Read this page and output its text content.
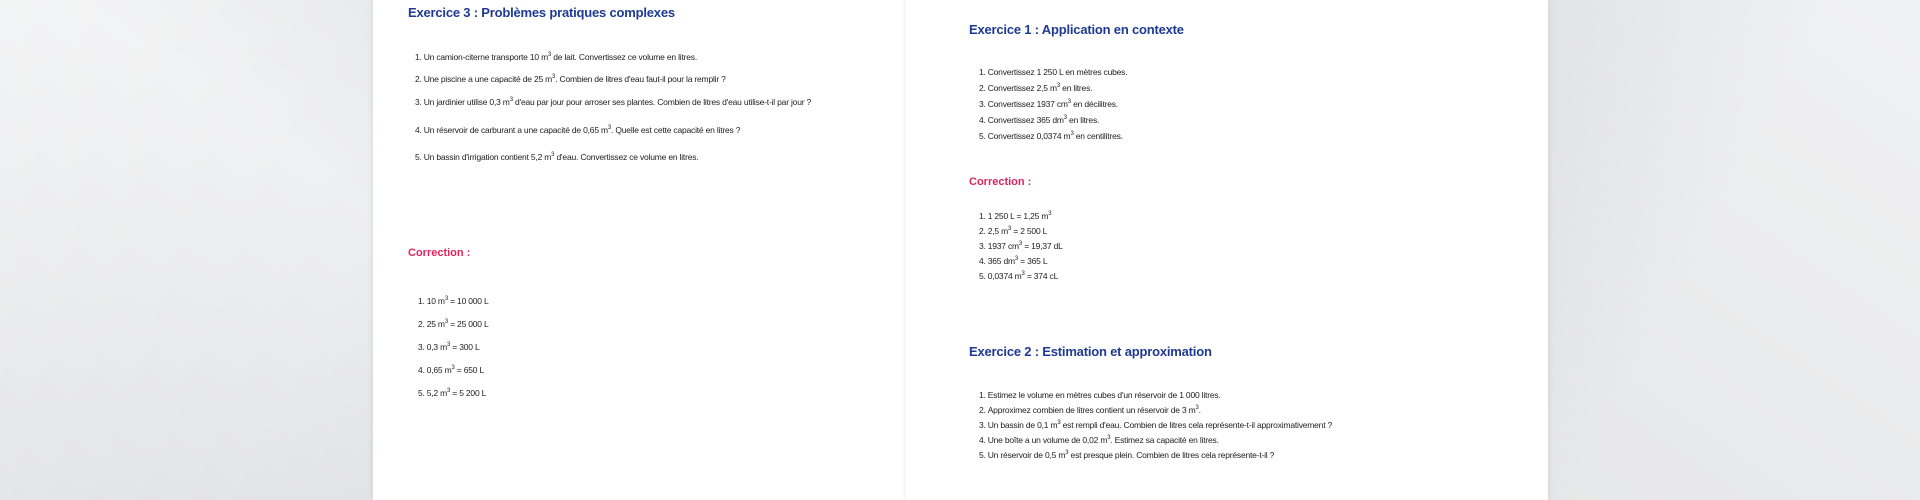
Exercice 3 : Problèmes pratiques complexes
1. Un camion-citerne transporte 10 $m^3$ de lait. Convertissez ce volume en litres.
2. Une piscine a une capacité de 25 $m^3$. Combien de litres d'eau faut-il pour la remplir ?
3. Un jardinier utilise 0,3 $m^3$ d'eau par jour pour arroser ses plantes. Combien de litres d'eau utilise-t-il par jour ?
4. Un réservoir de carburant a une capacité de 0,65 $m^3$. Quelle est cette capacité en litres ?
5. Un bassin d'irrigation contient 5,2 $m^3$ d'eau. Convertissez ce volume en litres.
Correction :
1. 10 $m^3 = 10$ 000 L
2. 25 $m^3 = 25$ 000 L
3. 0,3 $m^3 = 300$ L
4. 0,65 $m^3 = 650$ L
5. 5,2 $m^3 = 5$ 200 L
Exercice 1 : Application en contexte
1. Convertissez 1 250 L en mètres cubes.
2. Convertissez 2,5 $m^3$ en litres.
3. Convertissez 1937 $cm^3$ en décilitres.
4. Convertissez 365 $dm^3$ en litres.
5. Convertissez 0,0374 $m^3$ en centilitres.
Correction :
1. 1 250 L = 1,25 $m^3$
2. 2,5 $m^3 = 2$ 500 L
3. 1937 $cm^3 = 19,37$ dL
4. 365 $dm^3 = 365$ L
5. 0,0374 $m^3 = 374$ cL
Exercice 2 : Estimation et approximation
1. Estimez le volume en mètres cubes d'un réservoir de 1 000 litres.
2. Approximez combien de litres contient un réservoir de 3 $m^3$.
3. Un bassin de 0,1 $m^3$ est rempli d'eau. Combien de litres cela représente-t-il approximativement ?
4. Une boîte a un volume de 0,02 $m^3$. Estimez sa capacité en litres.
5. Un réservoir de 0,5 $m^3$ est presque plein. Combien de litres cela représente-t-il ?
